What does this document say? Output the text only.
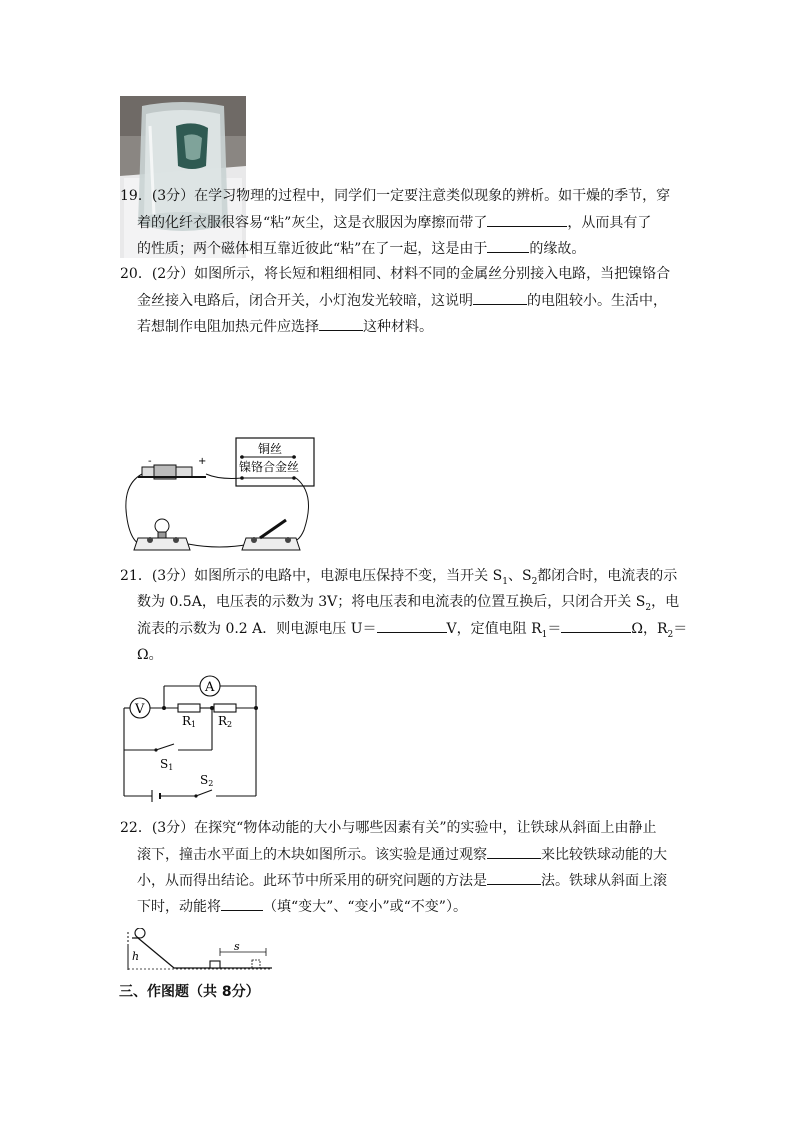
19．(3分）在学习物理的过程中，同学们一定要注意类似现象的辨析。如干燥的季节，穿
着的化纤衣服很容易“粘”灰尘，这是衣服因为摩擦而带了	，从而具有了
的性质；两个磁体相互靠近彼此“粘”在了一起，这是由于	的缘故。
20．(2分）如图所示，将长短和粗细相同、材料不同的金属丝分别接入电路，当把镍铬合
金丝接入电路后，闭合开关，小灯泡发光较暗，这说明	的电阻较小。生活中，
若想制作电阻加热元件应选择	这种材料。
铜丝
镍铬合金丝
-	+
21．(3分）如图所示的电路中，电源电压保持不变，当开关 $S_1$、$S_2$都闭合时，电流表的示
数为 0.5A，电压表的示数为 3V；将电压表和电流表的位置互换后，只闭合开关 $S_2$，电
流表的示数为 0.2 A．则电源电压 U＝	V，定值电阻 $R_1=$	Ω，$R_2=$
Ω。
A
V
R1 R2
S1
S2
22．(3分）在探究“物体动能的大小与哪些因素有关”的实验中，让铁球从斜面上由静止
滚下，撞击水平面上的木块如图所示。该实验是通过观察	来比较铁球动能的大
小，从而得出结论。此环节中所采用的研究问题的方法是	法。铁球从斜面上滚
下时，动能将	（填“变大”、“变小”或“不变”）。
h
s
三、作图题（共 8分）
